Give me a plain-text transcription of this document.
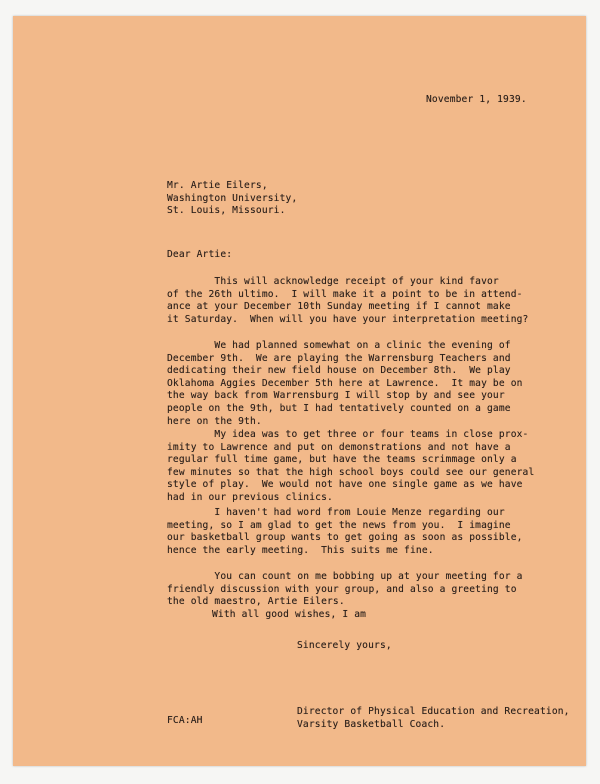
November 1, 1939.
Mr. Artie Eilers,
Washington University,
St. Louis, Missouri.
Dear Artie:
This will acknowledge receipt of your kind favor
of the 26th ultimo.  I will make it a point to be in attend-
ance at your December 10th Sunday meeting if I cannot make
it Saturday.  When will you have your interpretation meeting?
We had planned somewhat on a clinic the evening of
December 9th.  We are playing the Warrensburg Teachers and
dedicating their new field house on December 8th.  We play
Oklahoma Aggies December 5th here at Lawrence.  It may be on
the way back from Warrensburg I will stop by and see your
people on the 9th, but I had tentatively counted on a game
here on the 9th.
My idea was to get three or four teams in close prox-
imity to Lawrence and put on demonstrations and not have a
regular full time game, but have the teams scrimmage only a
few minutes so that the high school boys could see our general
style of play.  We would not have one single game as we have
had in our previous clinics.
I haven't had word from Louie Menze regarding our
meeting, so I am glad to get the news from you.  I imagine
our basketball group wants to get going as soon as possible,
hence the early meeting.  This suits me fine.
You can count on me bobbing up at your meeting for a
friendly discussion with your group, and also a greeting to
the old maestro, Artie Eilers.
With all good wishes, I am
Sincerely yours,
Director of Physical Education and Recreation,
Varsity Basketball Coach.
FCA:AH
